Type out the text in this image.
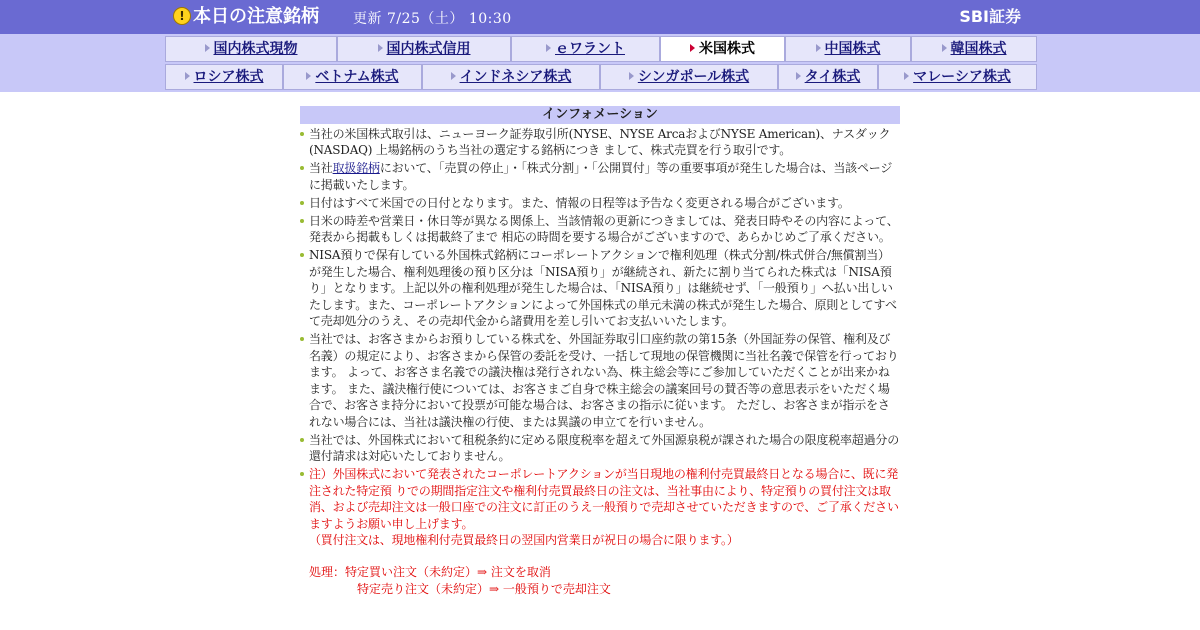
! 本日の注意銘柄 更新 7/25（土） 10:30	SBI証券
国内株式現物	国内株式信用	ｅワラント	米国株式	中国株式	韓国株式
ロシア株式	ベトナム株式	インドネシア株式	シンガポール株式	タイ株式	マレーシア株式
インフォメーション
当社の米国株式取引は、ニューヨーク証券取引所(NYSE、NYSE ArcaおよびNYSE American)、ナスダック(NASDAQ) 上場銘柄のうち当社の選定する銘柄につき まして、株式売買を行う取引です。
当社取扱銘柄において、「売買の停止」・「株式分割」・「公開買付」等の重要事項が発生した場合は、当該ページに掲載いたします。
日付はすべて米国での日付となります。また、情報の日程等は予告なく変更される場合がございます。
日米の時差や営業日・休日等が異なる関係上、当該情報の更新につきましては、発表日時やその内容によって、発表から掲載もしくは掲載終了まで 相応の時間を要する場合がございますので、あらかじめご了承ください。
NISA預りで保有している外国株式銘柄にコーポレートアクションで権利処理（株式分割/株式併合/無償割当）が発生した場合、権利処理後の預り区分は「NISA預り」が継続され、新たに割り当てられた株式は「NISA預り」となります。上記以外の権利処理が発生した場合は、「NISA預り」は継続せず、「一般預り」へ払い出しいたします。また、コーポレートアクションによって外国株式の単元未満の株式が発生した場合、原則としてすべて売却処分のうえ、その売却代金から諸費用を差し引いてお支払いいたします。
当社では、お客さまからお預りしている株式を、外国証券取引口座約款の第15条（外国証券の保管、権利及び名義）の規定により、お客さまから保管の委託を受け、一括して現地の保管機関に当社名義で保管を行っております。 よって、お客さま名義での議決権は発行されない為、株主総会等にご参加していただくことが出来かねます。 また、議決権行使については、お客さまご自身で株主総会の議案回号の賛否等の意思表示をいただく場合で、お客さま持分において投票が可能な場合は、お客さまの指示に従います。 ただし、お客さまが指示をされない場合には、当社は議決権の行使、または異議の申立てを行いません。
当社では、外国株式において租税条約に定める限度税率を超えて外国源泉税が課された場合の限度税率超過分の還付請求は対応いたしておりません。
注）外国株式において発表されたコーポレートアクションが当日現地の権利付売買最終日となる場合に、既に発注された特定預 りでの期間指定注文や権利付売買最終日の注文は、当社事由により、特定預りの買付注文は取消、および売却注文は一般口座での注文に訂正のうえ一般預りで売却させていただきますので、ご了承くださいますようお願い申し上げます。
（買付注文は、現地権利付売買最終日の翌国内営業日が祝日の場合に限ります。）
処理：特定買い注文（未約定）⇒ 注文を取消
特定売り注文（未約定）⇒ 一般預りで売却注文
